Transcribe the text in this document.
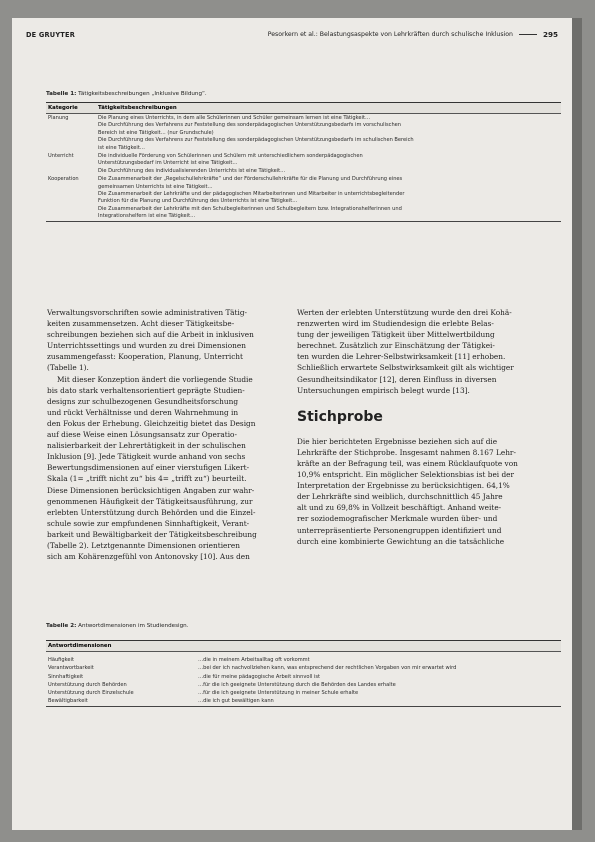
DE GRUYTER	Pesorkern et al.: Belastungsaspekte von Lehrkräften durch schulische Inklusion	295
Tabelle 1: Tätigkeitsbeschreibungen „Inklusive Bildung“.
Kategorie	Tätigkeitsbeschreibungen
Planung	Die Planung eines Unterrichts, in dem alle Schülerinnen und Schüler gemeinsam lernen ist eine Tätigkeit…
Die Durchführung des Verfahrens zur Feststellung des sonderpädagogischen Unterstützungsbedarfs im vorschulischen
Bereich ist eine Tätigkeit… (nur Grundschule)
Die Durchführung des Verfahrens zur Feststellung des sonderpädagogischen Unterstützungsbedarfs im schulischen Bereich
ist eine Tätigkeit…
Unterricht	Die individuelle Förderung von Schülerinnen und Schülern mit unterschiedlichem sonderpädagogischen
Unterstützungsbedarf im Unterricht ist eine Tätigkeit…
Die Durchführung des individualisierenden Unterrichts ist eine Tätigkeit…
Kooperation	Die Zusammenarbeit der „Regelschullehrkräfte“ und der Förderschullehrkräfte für die Planung und Durchführung eines
gemeinsamen Unterrichts ist eine Tätigkeit…
Die Zusammenarbeit der Lehrkräfte und der pädagogischen Mitarbeiterinnen und Mitarbeiter in unterrichtsbegleitender
Funktion für die Planung und Durchführung des Unterrichts ist eine Tätigkeit…
Die Zusammenarbeit der Lehrkräfte mit den Schulbegleiterinnen und Schulbegleitern bzw. Integrationshelferinnen und
Integrationshelfern ist eine Tätigkeit…

Verwaltungsvorschriften sowie administrativen Tätig-
keiten zusammensetzen. Acht dieser Tätigkeitsbe-
schreibungen beziehen sich auf die Arbeit in inklusiven
Unterrichtssettings und wurden zu drei Dimensionen
zusammengefasst: Kooperation, Planung, Unterricht
(Tabelle 1).

Mit dieser Konzeption ändert die vorliegende Studie
bis dato stark verhaltensorientiert geprägte Studien-
designs zur schulbezogenen Gesundheitsforschung
und rückt Verhältnisse und deren Wahrnehmung in
den Fokus der Erhebung. Gleichzeitig bietet das Design
auf diese Weise einen Lösungsansatz zur Operatio-
nalisierbarkeit der Lehrertätigkeit in der schulischen
Inklusion [9]. Jede Tätigkeit wurde anhand von sechs
Bewertungsdimensionen auf einer vierstufigen Likert-
Skala (1= „trifft nicht zu“ bis 4= „trifft zu“) beurteilt.
Diese Dimensionen berücksichtigen Angaben zur wahr-
genommenen Häufigkeit der Tätigkeitsausführung, zur
erlebten Unterstützung durch Behörden und die Einzel-
schule sowie zur empfundenen Sinnhaftigkeit, Verant-
barkeit und Bewältigbarkeit der Tätigkeitsbeschreibung
(Tabelle 2). Letztgenannte Dimensionen orientieren
sich am Kohärenzgefühl von Antonovsky [10]. Aus den

Werten der erlebten Unterstützung wurde den drei Kohä-
renzwerten wird im Studiendesign die erlebte Belas-
tung der jeweiligen Tätigkeit über Mittelwertbildung
berechnet. Zusätzlich zur Einschätzung der Tätigkei-
ten wurden die Lehrer-Selbstwirksamkeit [11] erhoben.
Schließlich erwartete Selbstwirksamkeit gilt als wichtiger
Gesundheitsindikator [12], deren Einfluss in diversen
Untersuchungen empirisch belegt wurde [13].

Stichprobe

Die hier berichteten Ergebnisse beziehen sich auf die
Lehrkräfte der Stichprobe. Insgesamt nahmen 8.167 Lehr-
kräfte an der Befragung teil, was einem Rücklaufquote von
10,9% entspricht. Ein möglicher Selektionsbias ist bei der
Interpretation der Ergebnisse zu berücksichtigen. 64,1%
der Lehrkräfte sind weiblich, durchschnittlich 45 Jahre
alt und zu 69,8% in Vollzeit beschäftigt. Anhand weite-
rer soziodemografischer Merkmale wurden über- und
unterrepräsentierte Personengruppen identifiziert und
durch eine kombinierte Gewichtung an die tatsächliche

Tabelle 2: Antwortdimensionen im Studiendesign.
Antwortdimensionen
Häufigkeit	…die in meinem Arbeitsalltag oft vorkommt
Verantwortbarkeit	…bei der ich nachvollziehen kann, was entsprechend der rechtlichen Vorgaben von mir erwartet wird
Sinnhaftigkeit	…die für meine pädagogische Arbeit sinnvoll ist
Unterstützung durch Behörden	…für die ich geeignete Unterstützung durch die Behörden des Landes erhalte
Unterstützung durch Einzelschule	…für die ich geeignete Unterstützung in meiner Schule erhalte
Bewältigbarkeit	…die ich gut bewältigen kann
